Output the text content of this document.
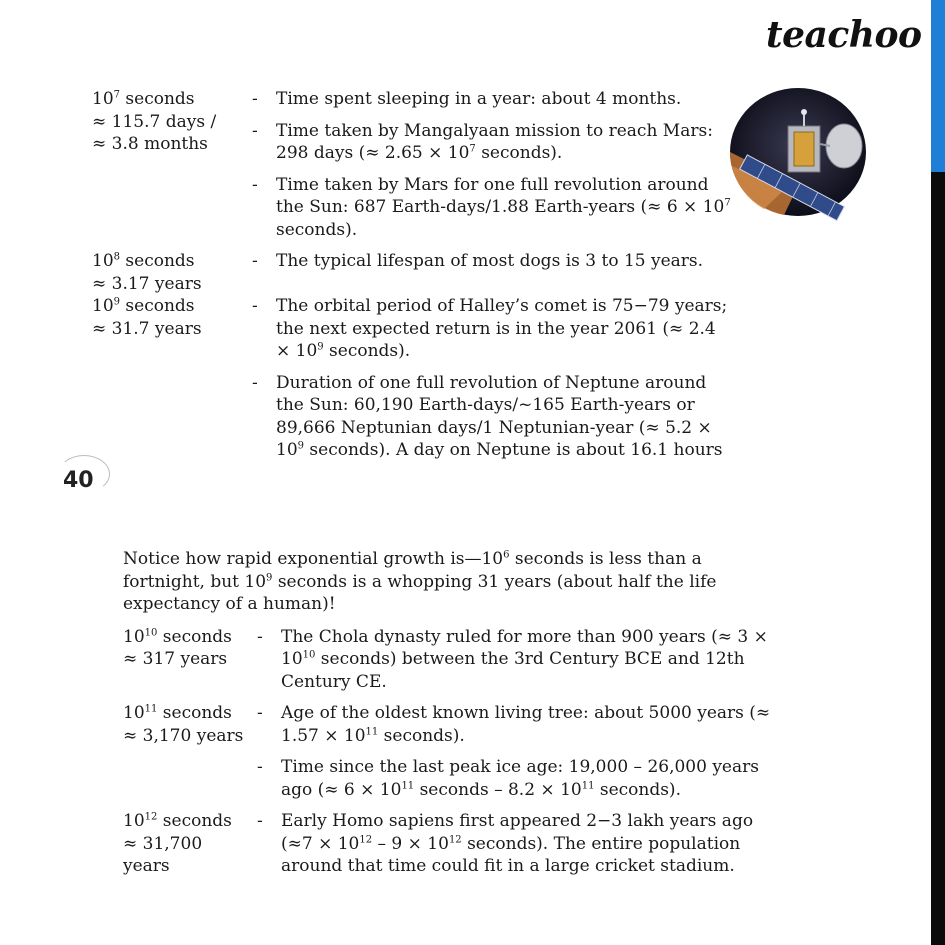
teachoo
40
$10^7$ seconds
≈ 115.7 days /
≈ 3.8 months
-	Time spent sleeping in a year: about 4 months.
-	Time taken by Mangalyaan mission to reach Mars: 298 days (≈ $2.65 \times 10^7$ seconds).
-	Time taken by Mars for one full revolution around the Sun: 687 Earth-days/1.88 Earth-years (≈ $6 \times 10^7$ seconds).
$10^8$ seconds
≈ 3.17 years
-	The typical lifespan of most dogs is 3 to 15 years.
$10^9$ seconds
≈ 31.7 years
-	The orbital period of Halley’s comet is 75−79 years; the next expected return is in the year 2061 (≈ $2.4 \times 10^9$ seconds).
-	Duration of one full revolution of Neptune around the Sun: 60,190 Earth-days/~165 Earth-years or 89,666 Neptunian days/1 Neptunian-year (≈ $5.2 \times 10^9$ seconds). A day on Neptune is about 16.1 hours
Notice how rapid exponential growth $is—10^6$ seconds is less than a fortnight, but $10^9$ seconds is a whopping 31 years (about half the life expectancy of a human)!
$10^{10}$ seconds
≈ 317 years
-	The Chola dynasty ruled for more than 900 years (≈ $3 \times 10^{10}$ seconds) between the 3rd Century BCE and 12th Century CE.
$10^{11}$ seconds
≈ 3,170 years
-	Age of the oldest known living tree: about 5000 years (≈ $1.57 \times 10^{11}$ seconds).
-	Time since the last peak ice age: 19,000 – 26,000 years ago (≈ $6 \times 10^{11}$ seconds – $8.2 \times 10^{11}$ seconds).
$10^{12}$ seconds
≈ 31,700
years
-	Early Homo sapiens first appeared 2−3 lakh years ago ($\approx 7 \times 10^{12} - 9 \times 10^{12}$ seconds). The entire population around that time could fit in a large cricket stadium.
